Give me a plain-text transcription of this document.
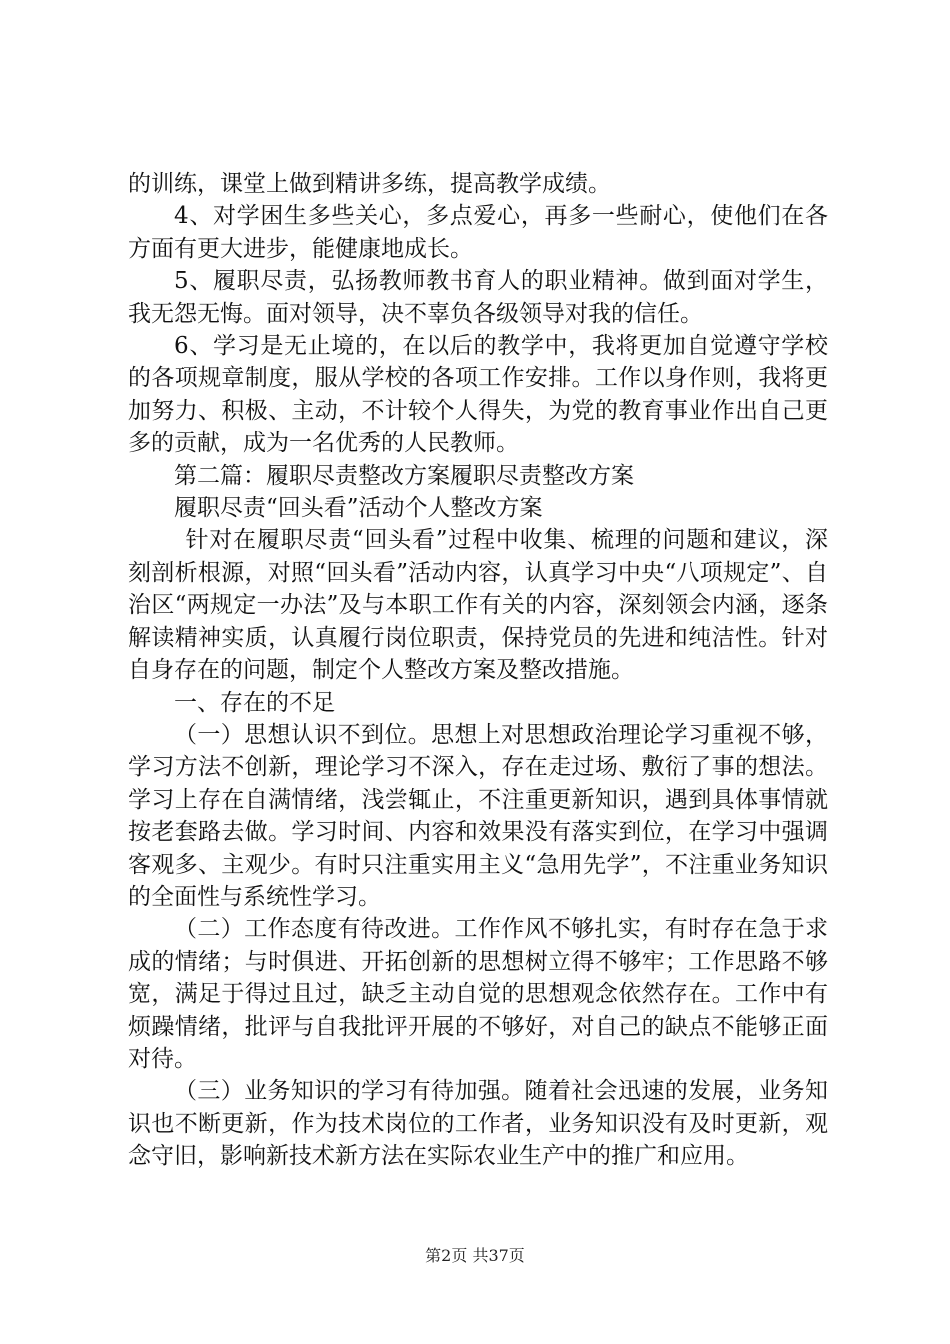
的训练，课堂上做到精讲多练，提高教学成绩。

4、对学困生多些关心，多点爱心，再多一些耐心，使他们在各方面有更大进步，能健康地成长。

5、履职尽责，弘扬教师教书育人的职业精神。做到面对学生，我无怨无悔。面对领导，决不辜负各级领导对我的信任。

6、学习是无止境的，在以后的教学中，我将更加自觉遵守学校的各项规章制度，服从学校的各项工作安排。工作以身作则，我将更加努力、积极、主动，不计较个人得失，为党的教育事业作出自己更多的贡献，成为一名优秀的人民教师。

第二篇：履职尽责整改方案履职尽责整改方案

履职尽责“回头看”活动个人整改方案

针对在履职尽责“回头看”过程中收集、梳理的问题和建议，深刻剖析根源，对照“回头看”活动内容，认真学习中央“八项规定”、自治区“两规定一办法”及与本职工作有关的内容，深刻领会内涵，逐条解读精神实质，认真履行岗位职责，保持党员的先进和纯洁性。针对自身存在的问题，制定个人整改方案及整改措施。

一、存在的不足

（一）思想认识不到位。思想上对思想政治理论学习重视不够，学习方法不创新，理论学习不深入，存在走过场、敷衍了事的想法。学习上存在自满情绪，浅尝辄止，不注重更新知识，遇到具体事情就按老套路去做。学习时间、内容和效果没有落实到位，在学习中强调客观多、主观少。有时只注重实用主义“急用先学”，不注重业务知识的全面性与系统性学习。

（二）工作态度有待改进。工作作风不够扎实，有时存在急于求成的情绪；与时俱进、开拓创新的思想树立得不够牢；工作思路不够宽，满足于得过且过，缺乏主动自觉的思想观念依然存在。工作中有烦躁情绪，批评与自我批评开展的不够好，对自己的缺点不能够正面对待。

（三）业务知识的学习有待加强。随着社会迅速的发展，业务知识也不断更新，作为技术岗位的工作者，业务知识没有及时更新，观念守旧，影响新技术新方法在实际农业生产中的推广和应用。

第2页 共37页
